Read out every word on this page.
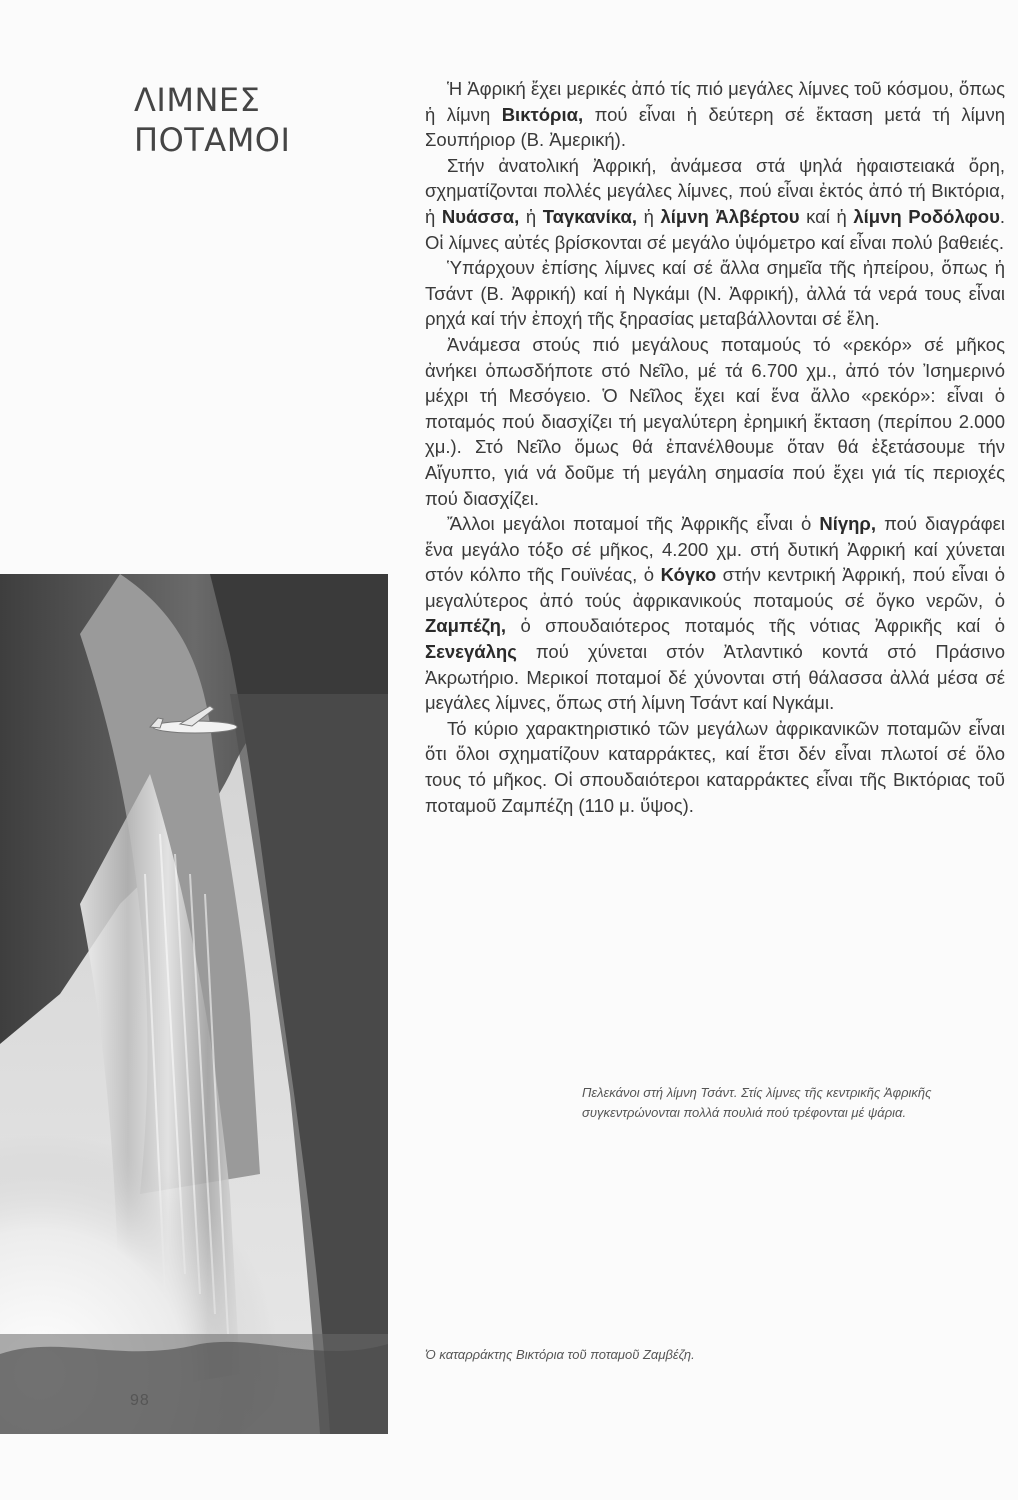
ΛΙΜΝΕΣ
ΠΟΤΑΜΟΙ

Ἡ Ἀφρική ἔχει μερικές ἀπό τίς πιό μεγάλες λίμνες τοῦ κόσμου, ὅπως ἡ λίμνη Βικτόρια, πού εἶναι ἡ δεύτερη σέ ἔκταση μετά τή λίμνη Σουπήριορ (Β. Ἀμερική).

Στήν ἀνατολική Ἀφρική, ἀνάμεσα στά ψηλά ἡφαιστειακά ὄρη, σχηματίζονται πολλές μεγάλες λίμνες, πού εἶναι ἐκτός ἀπό τή Βικτόρια, ἡ Νυάσσα, ἡ Ταγκανίκα, ἡ λίμνη Ἀλβέρτου καί ἡ λίμνη Ροδόλφου. Οἱ λίμνες αὐτές βρίσκονται σέ μεγάλο ὑψόμετρο καί εἶναι πολύ βαθειές.

Ὑπάρχουν ἐπίσης λίμνες καί σέ ἄλλα σημεῖα τῆς ἠπείρου, ὅπως ἡ Τσάντ (Β. Ἀφρική) καί ἡ Νγκάμι (Ν. Ἀφρική), ἀλλά τά νερά τους εἶναι ρηχά καί τήν ἐποχή τῆς ξηρασίας μεταβάλλονται σέ ἕλη.

Ἀνάμεσα στούς πιό μεγάλους ποταμούς τό «ρεκόρ» σέ μῆκος ἀνήκει ὁπωσδήποτε στό Νεῖλο, μέ τά 6.700 χμ., ἀπό τόν Ἰσημερινό μέχρι τή Μεσόγειο. Ὁ Νεῖλος ἔχει καί ἕνα ἄλλο «ρεκόρ»: εἶναι ὁ ποταμός πού διασχίζει τή μεγαλύτερη ἐρημική ἔκταση (περίπου 2.000 χμ.). Στό Νεῖλο ὅμως θά ἐπανέλθουμε ὅταν θά ἐξετάσουμε τήν Αἴγυπτο, γιά νά δοῦμε τή μεγάλη σημασία πού ἔχει γιά τίς περιοχές πού διασχίζει.

Ἄλλοι μεγάλοι ποταμοί τῆς Ἀφρικῆς εἶναι ὁ Νίγηρ, πού διαγράφει ἕνα μεγάλο τόξο σέ μῆκος, 4.200 χμ. στή δυτική Ἀφρική καί χύνεται στόν κόλπο τῆς Γουϊνέας, ὁ Κόγκο στήν κεντρική Ἀφρική, πού εἶναι ὁ μεγαλύτερος ἀπό τούς ἀφρικανικούς ποταμούς σέ ὄγκο νερῶν, ὁ Ζαμπέζη, ὁ σπουδαιότερος ποταμός τῆς νότιας Ἀφρικῆς καί ὁ Σενεγάλης πού χύνεται στόν Ἀτλαντικό κοντά στό Πράσινο Ἀκρωτήριο. Μερικοί ποταμοί δέ χύνονται στή θάλασσα ἀλλά μέσα σέ μεγάλες λίμνες, ὅπως στή λίμνη Τσάντ καί Νγκάμι.

Τό κύριο χαρακτηριστικό τῶν μεγάλων ἀφρικανικῶν ποταμῶν εἶναι ὅτι ὅλοι σχηματίζουν καταρράκτες, καί ἔτσι δέν εἶναι πλωτοί σέ ὅλο τους τό μῆκος. Οἱ σπουδαιότεροι καταρράκτες εἶναι τῆς Βικτόριας τοῦ ποταμοῦ Ζαμπέζη (110 μ. ὕψος).

Πελεκάνοι στή λίμνη Τσάντ. Στίς λίμνες τῆς κεντρικῆς Ἀφρικῆς συγκεντρώνονται πολλά πουλιά πού τρέφονται μέ ψάρια.
Ὁ καταρράκτης Βικτόρια τοῦ ποταμοῦ Ζαμβέζη.
98
